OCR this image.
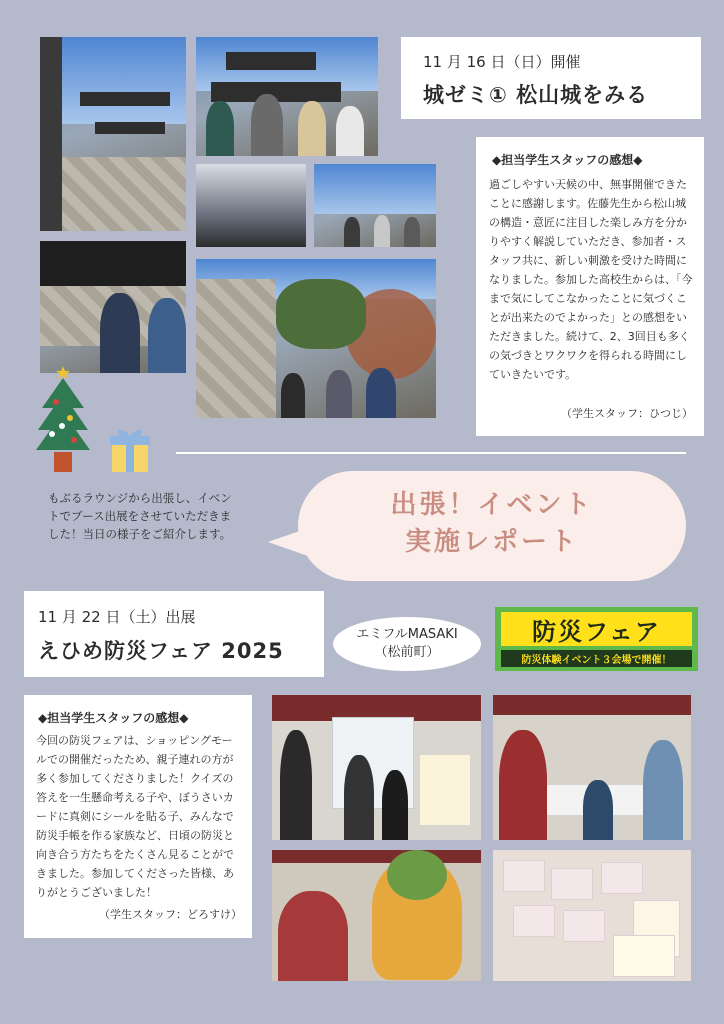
11 月 16 日（日）開催
城ゼミ① 松山城をみる
◆担当学生スタッフの感想◆
過ごしやすい天候の中、無事開催できたことに感謝します。佐藤先生から松山城の構造・意匠に注目した楽しみ方を分かりやすく解説していただき、参加者・スタッフ共に、新しい刺激を受けた時間になりました。参加した高校生からは、「今まで気にしてこなかったことに気づくことが出来たのでよかった」との感想をいただきました。続けて、2、3回目も多くの気づきとワクワクを得られる時間にしていきたいです。
（学生スタッフ：ひつじ）
もぶるラウンジから出張し、イベントでブース出展をさせていただきました！当日の様子をご紹介します。
出張！イベント
実施レポート
11 月 22 日（土）出展
えひめ防災フェア 2025
エミフルMASAKI
（松前町）
防災フェア
防災体験イベント３会場で開催！
◆担当学生スタッフの感想◆
今回の防災フェアは、ショッピングモールでの開催だったため、親子連れの方が多く参加してくださりました！クイズの答えを一生懸命考える子や、ぼうさいカードに真剣にシールを貼る子、みんなで防災手帳を作る家族など、日頃の防災と向き合う方たちをたくさん見ることができました。参加してくださった皆様、ありがとうございました！
（学生スタッフ：どろすけ）
